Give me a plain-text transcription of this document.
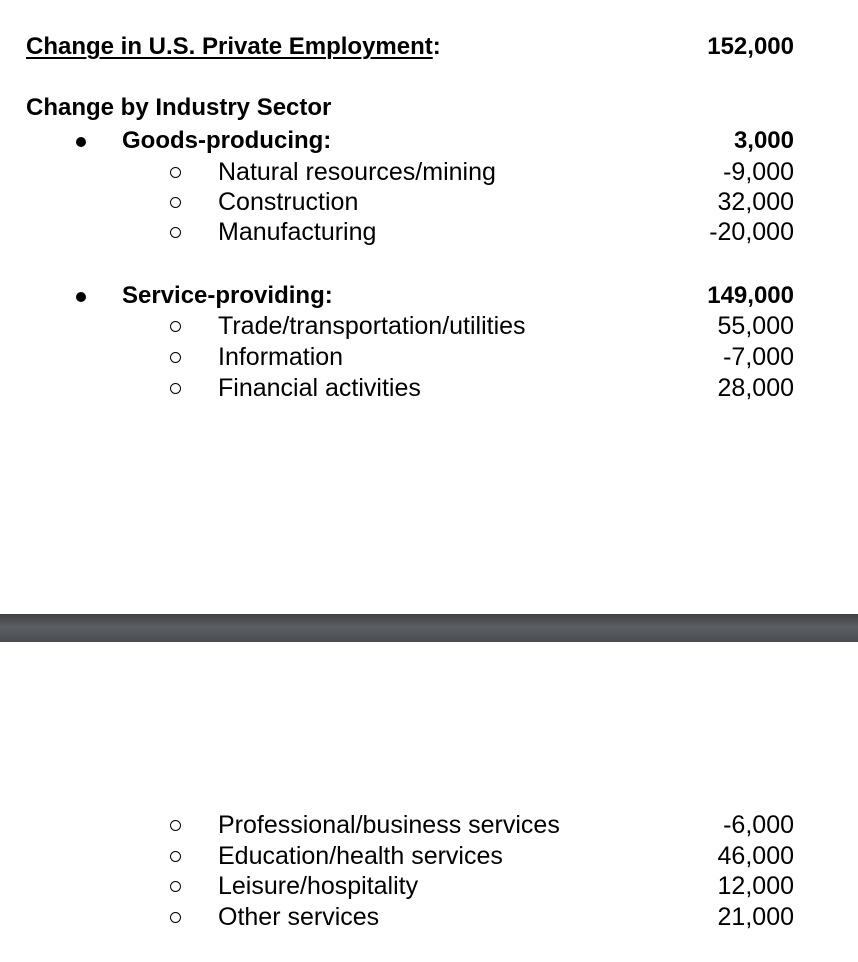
Change in U.S. Private Employment:	152,000
Change by Industry Sector
Goods-producing:	3,000
Natural resources/mining	-9,000
Construction	32,000
Manufacturing	-20,000
Service-providing:	149,000
Trade/transportation/utilities	55,000
Information	-7,000
Financial activities	28,000
Professional/business services	-6,000
Education/health services	46,000
Leisure/hospitality	12,000
Other services	21,000
